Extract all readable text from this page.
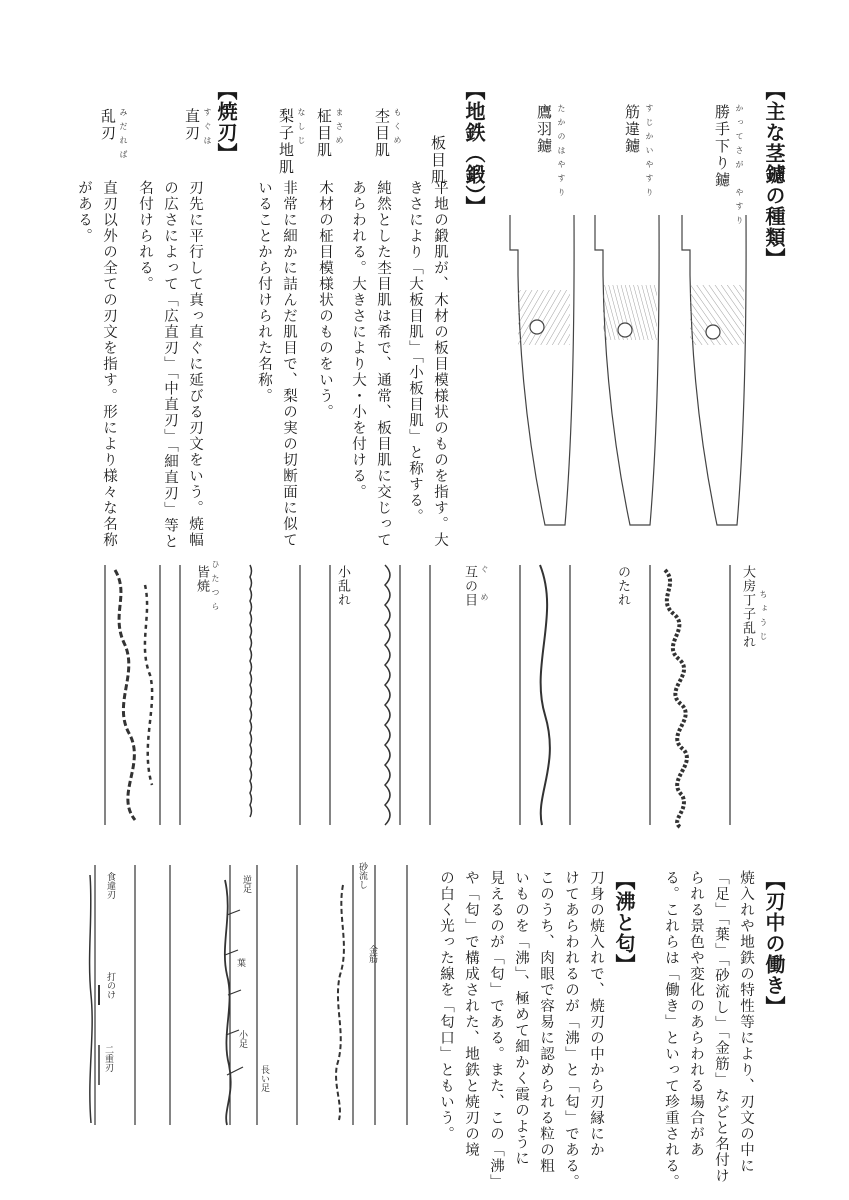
【主な茎鑢の種類】
かってさが　やすり
勝手下り鑢
すじかいやすり
筋違鑢
たかのはやすり
鷹羽鑢
【地鉄（鍛）】
板目肌
きさにより「大板目肌」「小板目肌」と称する。 平地の鍛肌が、木材の板目模様状のものを指す。大
もくめ
杢目肌
純然とした杢目肌は希で、通常、板目肌に交じって
あらわれる。大きさにより大・小を付ける。
まさめ
柾目肌
木材の柾目模様状のものをいう。
なしじ
梨子地肌
非常に細かに詰んだ肌目で、梨の実の切断面に似て
いることから付けられた名称。
【焼刃】
すぐは
直刃
刃先に平行して真っ直ぐに延びる刃文をいう。焼幅
の広さによって「広直刃」「中直刃」「細直刃」等と
名付けられる。
みだれば
乱刃
直刃以外の全ての刃文を指す。形により様々な名称
がある。
大房丁子乱れ ちょうじ
のたれ
互の目 ぐ　め
小乱れ
皆焼 ひたつら
【刃中の働き】
焼入れや地鉄の特性等により、刃文の中に
「足」「葉」「砂流し」「金筋」などと名付け
られる景色や変化のあらわれる場合があ
る。これらは「働き」といって珍重される。
【沸と匂】
刀身の焼入れで、焼刃の中から刃縁にか
けてあらわれるのが「沸」と「匂」である。
このうち、肉眼で容易に認められる粒の粗
いものを「沸」、極めて細かく霞のように
見えるのが「匂」である。また、この「沸」
や「匂」で構成された、地鉄と焼刃の境
の白く光った線を「匂口」ともいう。
砂流し
金筋
逆足
葉
小足
長い足
食違刃
打のけ
二重刃
